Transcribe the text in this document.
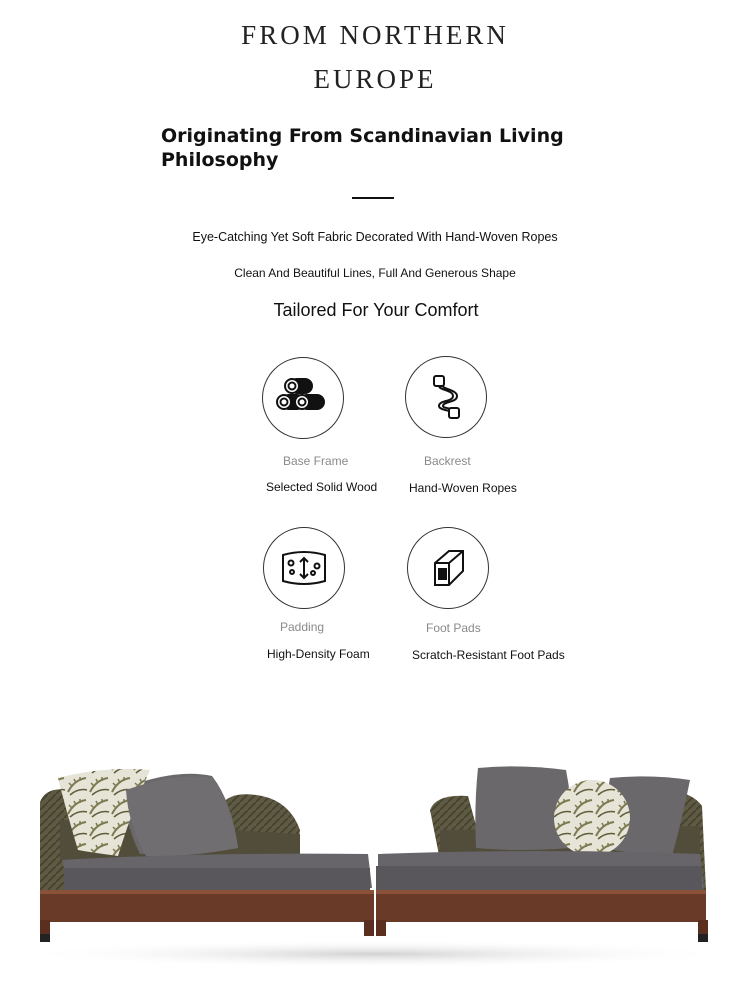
FROM NORTHERN
EUROPE
Originating From Scandinavian Living Philosophy
Eye-Catching Yet Soft Fabric Decorated With Hand-Woven Ropes
Clean And Beautiful Lines, Full And Generous Shape
Tailored For Your Comfort
Base Frame
Selected Solid Wood
Backrest
Hand-Woven Ropes
Padding
High-Density Foam
Foot Pads
Scratch-Resistant Foot Pads
